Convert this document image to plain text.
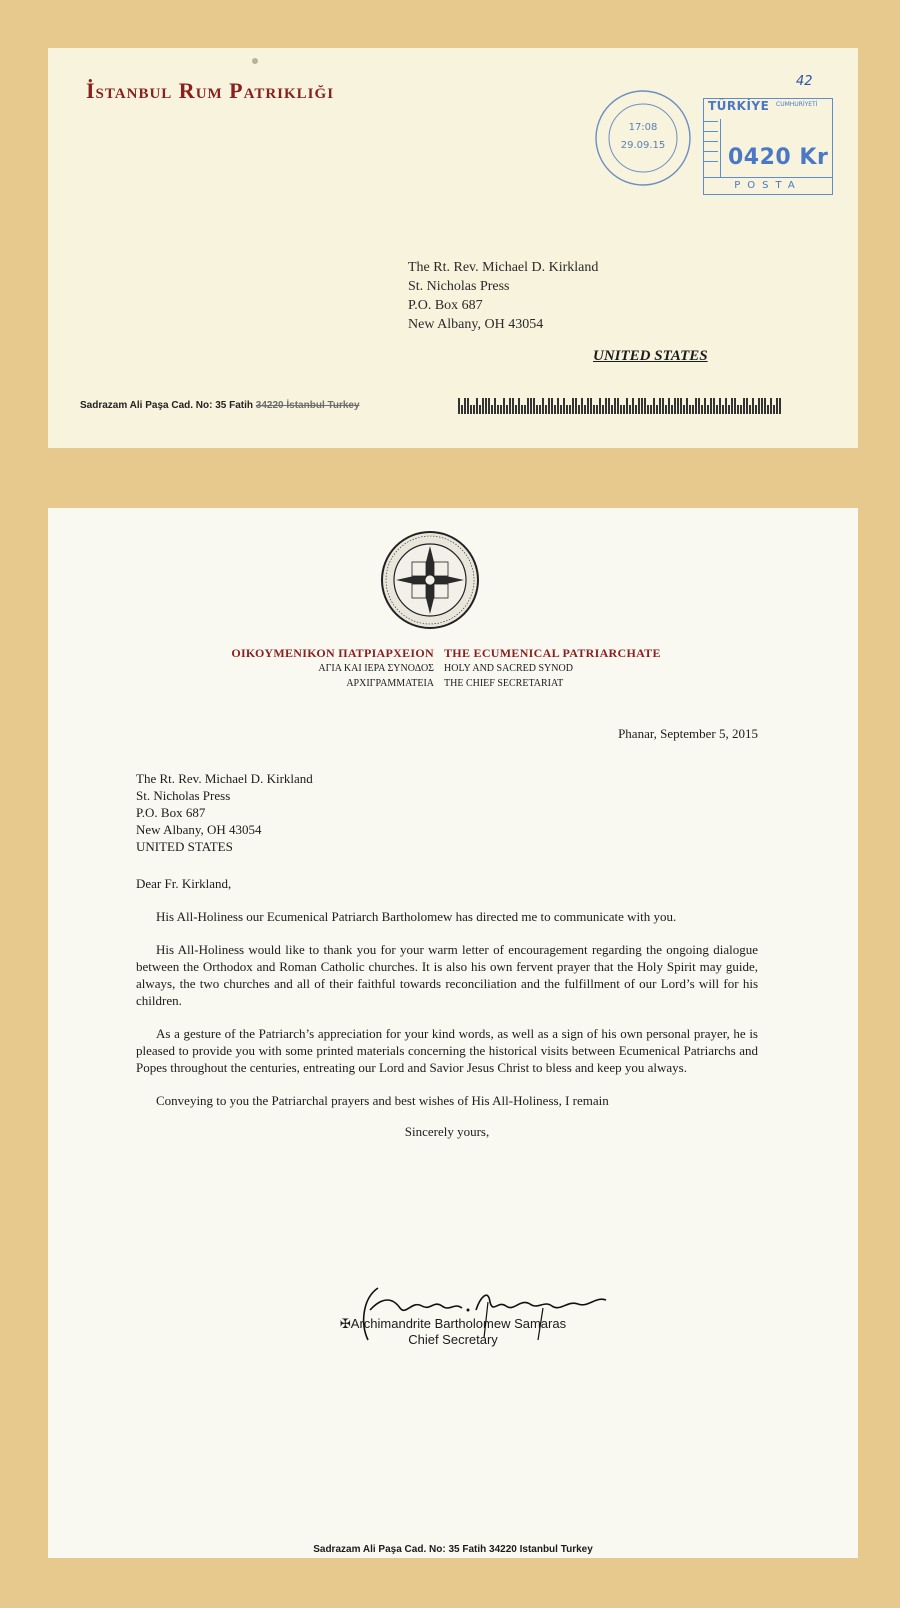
İstanbul Rum Patrikliği
17:08
29.09.15
TÜRKİYE CUMHURİYETİ
0420 Kr
POSTA
42
The Rt. Rev. Michael D. Kirkland
St. Nicholas Press
P.O. Box 687
New Albany, OH 43054
UNITED STATES
Sadrazam Ali Paşa Cad. No: 35 Fatih 34220 İstanbul Turkey
ΟΙΚΟΥΜΕΝΙΚΟΝ ΠΑΤΡΙΑΡΧΕΙΟΝ
ΑΓΙΑ ΚΑΙ ΙΕΡΑ ΣΥΝΟΔΟΣ
ΑΡΧΙΓΡΑΜΜΑΤΕΙΑ
THE ECUMENICAL PATRIARCHATE
HOLY AND SACRED SYNOD
THE CHIEF SECRETARIAT
Phanar, September 5, 2015
The Rt. Rev. Michael D. Kirkland
St. Nicholas Press
P.O. Box 687
New Albany, OH 43054
UNITED STATES

Dear Fr. Kirkland,

His All-Holiness our Ecumenical Patriarch Bartholomew has directed me to communicate with you.

His All-Holiness would like to thank you for your warm letter of encouragement regarding the ongoing dialogue between the Orthodox and Roman Catholic churches. It is also his own fervent prayer that the Holy Spirit may guide, always, the two churches and all of their faithful towards reconciliation and the fulfillment of our Lord’s will for his children.

As a gesture of the Patriarch’s appreciation for your kind words, as well as a sign of his own personal prayer, he is pleased to provide you with some printed materials concerning the historical visits between Ecumenical Patriarchs and Popes throughout the centuries, entreating our Lord and Savior Jesus Christ to bless and keep you always.

Conveying to you the Patriarchal prayers and best wishes of His All-Holiness, I remain

Sincerely yours,

✠Archimandrite Bartholomew Samaras
Chief Secretary
Sadrazam Ali Paşa Cad. No: 35 Fatih 34220 Istanbul Turkey
